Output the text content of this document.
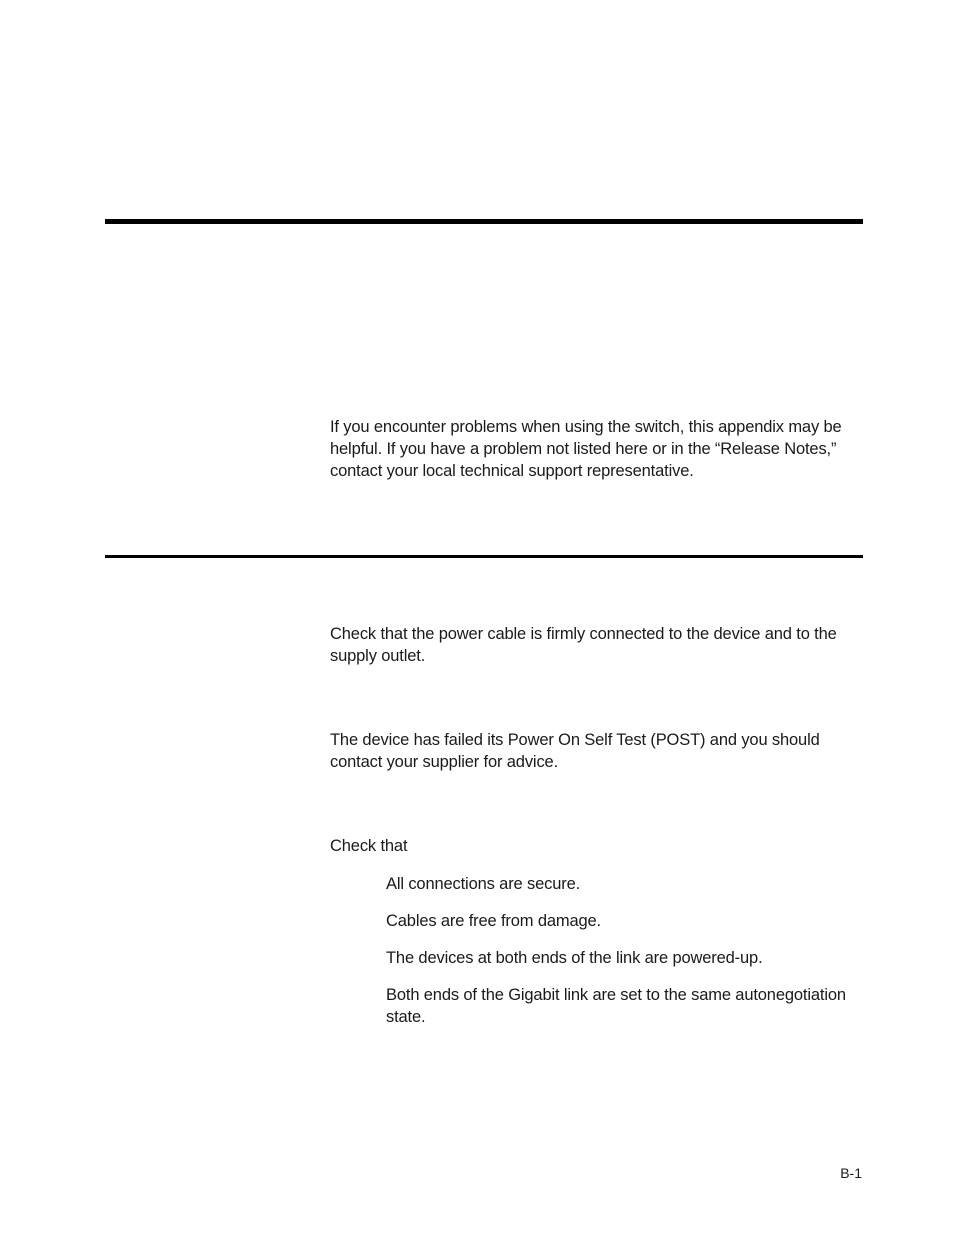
If you encounter problems when using the switch, this appendix may be helpful. If you have a problem not listed here or in the “Release Notes,” contact your local technical support representative.

Check that the power cable is firmly connected to the device and to the supply outlet.

The device has failed its Power On Self Test (POST) and you should contact your supplier for advice.

Check that

All connections are secure.
Cables are free from damage.
The devices at both ends of the link are powered-up.
Both ends of the Gigabit link are set to the same autonegotiation state.
B-1
